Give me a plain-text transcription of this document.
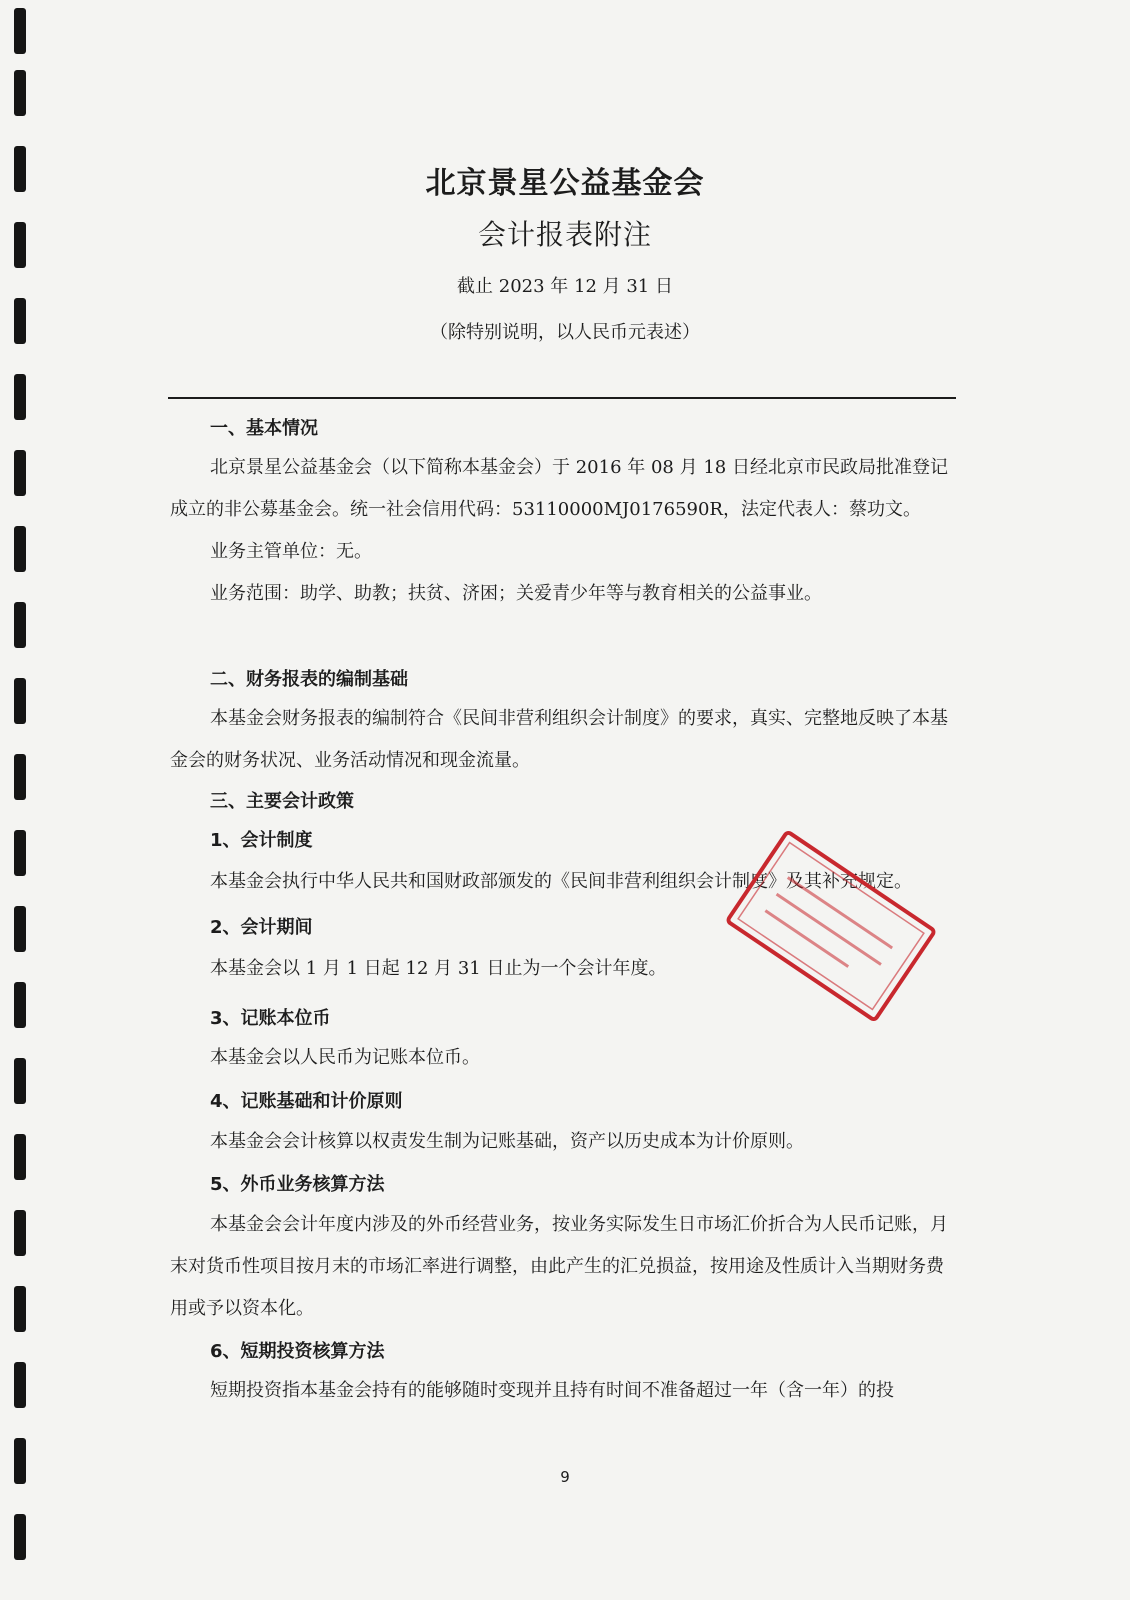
北京景星公益基金会
会计报表附注
截止 2023 年 12 月 31 日
（除特别说明，以人民币元表述）
一、基本情况

北京景星公益基金会（以下简称本基金会）于 2016 年 08 月 18 日经北京市民政局批准登记成立的非公募基金会。统一社会信用代码：53110000MJ0176590R，法定代表人：蔡功文。

业务主管单位：无。

业务范围：助学、助教；扶贫、济困；关爱青少年等与教育相关的公益事业。

二、财务报表的编制基础

本基金会财务报表的编制符合《民间非营利组织会计制度》的要求，真实、完整地反映了本基金会的财务状况、业务活动情况和现金流量。

三、主要会计政策
1、会计制度

本基金会执行中华人民共和国财政部颁发的《民间非营利组织会计制度》及其补充规定。

2、会计期间

本基金会以 1 月 1 日起 12 月 31 日止为一个会计年度。

3、记账本位币

本基金会以人民币为记账本位币。

4、记账基础和计价原则

本基金会会计核算以权责发生制为记账基础，资产以历史成本为计价原则。

5、外币业务核算方法

本基金会会计年度内涉及的外币经营业务，按业务实际发生日市场汇价折合为人民币记账，月末对货币性项目按月末的市场汇率进行调整，由此产生的汇兑损益，按用途及性质计入当期财务费用或予以资本化。

6、短期投资核算方法

短期投资指本基金会持有的能够随时变现并且持有时间不准备超过一年（含一年）的投

9
